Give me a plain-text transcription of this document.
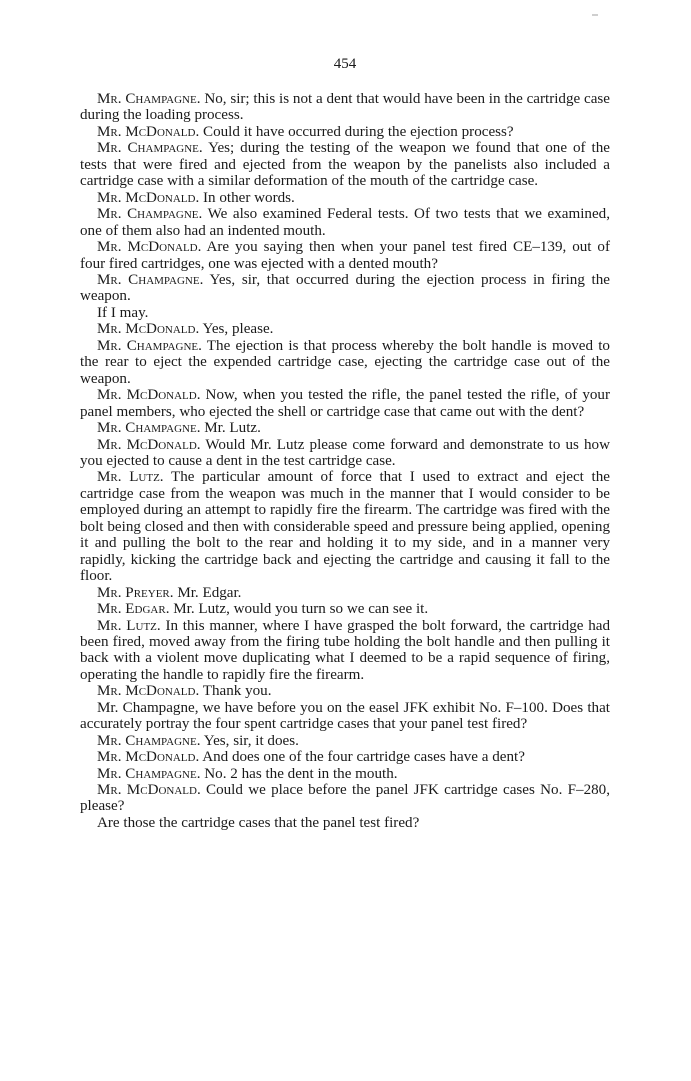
454

Mr. Champagne. No, sir; this is not a dent that would have been in the cartridge case during the loading process.

Mr. McDonald. Could it have occurred during the ejection process?

Mr. Champagne. Yes; during the testing of the weapon we found that one of the tests that were fired and ejected from the weapon by the panelists also included a cartridge case with a similar deformation of the mouth of the cartridge case.

Mr. McDonald. In other words.

Mr. Champagne. We also examined Federal tests. Of two tests that we examined, one of them also had an indented mouth.

Mr. McDonald. Are you saying then when your panel test fired CE–139, out of four fired cartridges, one was ejected with a dented mouth?

Mr. Champagne. Yes, sir, that occurred during the ejection process in firing the weapon.

If I may.

Mr. McDonald. Yes, please.

Mr. Champagne. The ejection is that process whereby the bolt handle is moved to the rear to eject the expended cartridge case, ejecting the cartridge case out of the weapon.

Mr. McDonald. Now, when you tested the rifle, the panel tested the rifle, of your panel members, who ejected the shell or cartridge case that came out with the dent?

Mr. Champagne. Mr. Lutz.

Mr. McDonald. Would Mr. Lutz please come forward and demonstrate to us how you ejected to cause a dent in the test cartridge case.

Mr. Lutz. The particular amount of force that I used to extract and eject the cartridge case from the weapon was much in the manner that I would consider to be employed during an attempt to rapidly fire the firearm. The cartridge was fired with the bolt being closed and then with considerable speed and pressure being applied, opening it and pulling the bolt to the rear and holding it to my side, and in a manner very rapidly, kicking the cartridge back and ejecting the cartridge and causing it fall to the floor.

Mr. Preyer. Mr. Edgar.

Mr. Edgar. Mr. Lutz, would you turn so we can see it.

Mr. Lutz. In this manner, where I have grasped the bolt forward, the cartridge had been fired, moved away from the firing tube holding the bolt handle and then pulling it back with a violent move duplicating what I deemed to be a rapid sequence of firing, operating the handle to rapidly fire the firearm.

Mr. McDonald. Thank you.

Mr. Champagne, we have before you on the easel JFK exhibit No. F–100. Does that accurately portray the four spent cartridge cases that your panel test fired?

Mr. Champagne. Yes, sir, it does.

Mr. McDonald. And does one of the four cartridge cases have a dent?

Mr. Champagne. No. 2 has the dent in the mouth.

Mr. McDonald. Could we place before the panel JFK cartridge cases No. F–280, please?

Are those the cartridge cases that the panel test fired?
